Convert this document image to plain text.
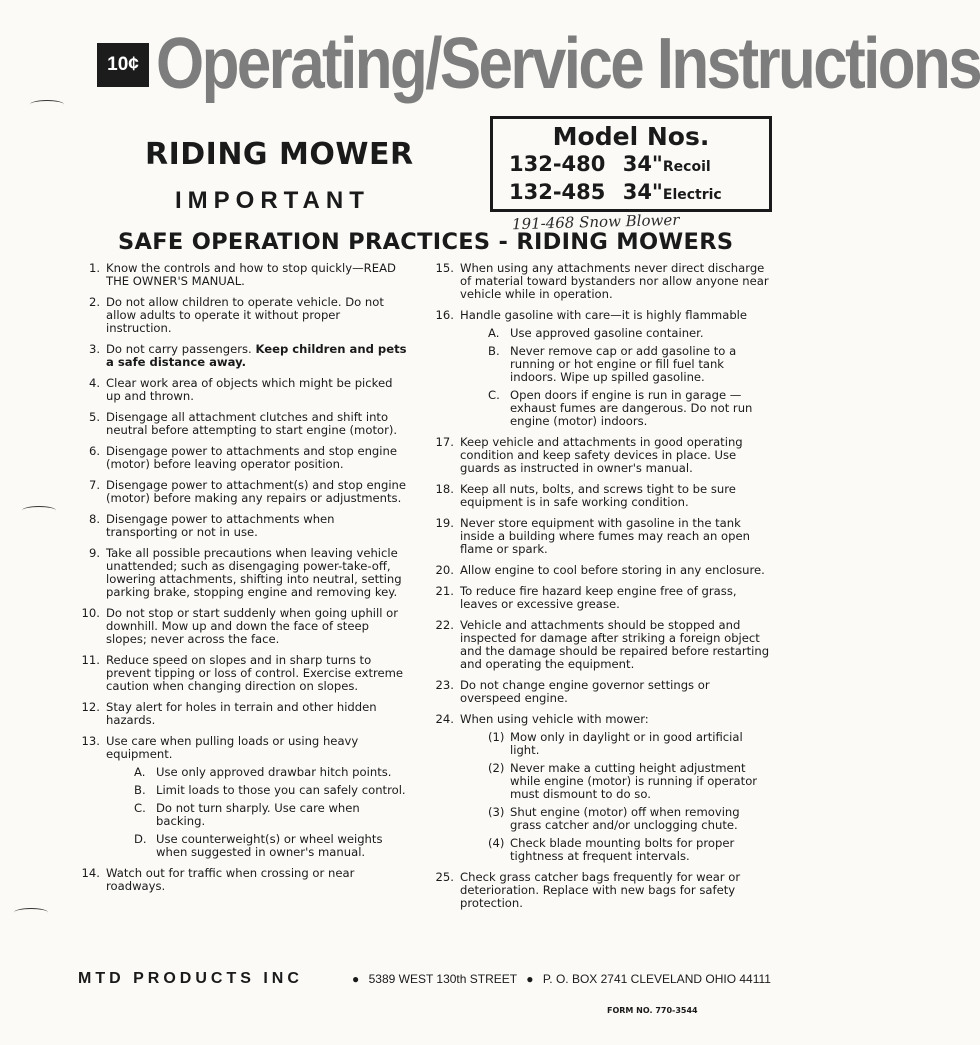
10¢ Operating/Service Instructions
RIDING MOWER
IMPORTANT
Model Nos.
132-480 34"Recoil
132-485 34"Electric
191-468 Snow Blower
SAFE OPERATION PRACTICES - RIDING MOWERS
1. Know the controls and how to stop quickly—READ THE OWNER'S MANUAL.
2. Do not allow children to operate vehicle. Do not allow adults to operate it without proper instruction.
3. Do not carry passengers. Keep children and pets a safe distance away.
4. Clear work area of objects which might be picked up and thrown.
5. Disengage all attachment clutches and shift into neutral before attempting to start engine (motor).
6. Disengage power to attachments and stop engine (motor) before leaving operator position.
7. Disengage power to attachment(s) and stop engine (motor) before making any repairs or adjustments.
8. Disengage power to attachments when transporting or not in use.
9. Take all possible precautions when leaving vehicle unattended; such as disengaging power-take-off, lowering attachments, shifting into neutral, setting parking brake, stopping engine and removing key.
10. Do not stop or start suddenly when going uphill or downhill. Mow up and down the face of steep slopes; never across the face.
11. Reduce speed on slopes and in sharp turns to prevent tipping or loss of control. Exercise extreme caution when changing direction on slopes.
12. Stay alert for holes in terrain and other hidden hazards.
13. Use care when pulling loads or using heavy equipment.
A. Use only approved drawbar hitch points.
B. Limit loads to those you can safely control.
C. Do not turn sharply. Use care when backing.
D. Use counterweight(s) or wheel weights when suggested in owner's manual.
14. Watch out for traffic when crossing or near roadways.
15. When using any attachments never direct discharge of material toward bystanders nor allow anyone near vehicle while in operation.
16. Handle gasoline with care—it is highly flammable
A. Use approved gasoline container.
B. Never remove cap or add gasoline to a running or hot engine or fill fuel tank indoors. Wipe up spilled gasoline.
C. Open doors if engine is run in garage — exhaust fumes are dangerous. Do not run engine (motor) indoors.
17. Keep vehicle and attachments in good operating condition and keep safety devices in place. Use guards as instructed in owner's manual.
18. Keep all nuts, bolts, and screws tight to be sure equipment is in safe working condition.
19. Never store equipment with gasoline in the tank inside a building where fumes may reach an open flame or spark.
20. Allow engine to cool before storing in any enclosure.
21. To reduce fire hazard keep engine free of grass, leaves or excessive grease.
22. Vehicle and attachments should be stopped and inspected for damage after striking a foreign object and the damage should be repaired before restarting and operating the equipment.
23. Do not change engine governor settings or overspeed engine.
24. When using vehicle with mower:
(1) Mow only in daylight or in good artificial light.
(2) Never make a cutting height adjustment while engine (motor) is running if operator must dismount to do so.
(3) Shut engine (motor) off when removing grass catcher and/or unclogging chute.
(4) Check blade mounting bolts for proper tightness at frequent intervals.
25. Check grass catcher bags frequently for wear or deterioration. Replace with new bags for safety protection.
MTD PRODUCTS INC	● 5389 WEST 130th STREET ● P. O. BOX 2741 CLEVELAND OHIO 44111
FORM NO. 770-3544
